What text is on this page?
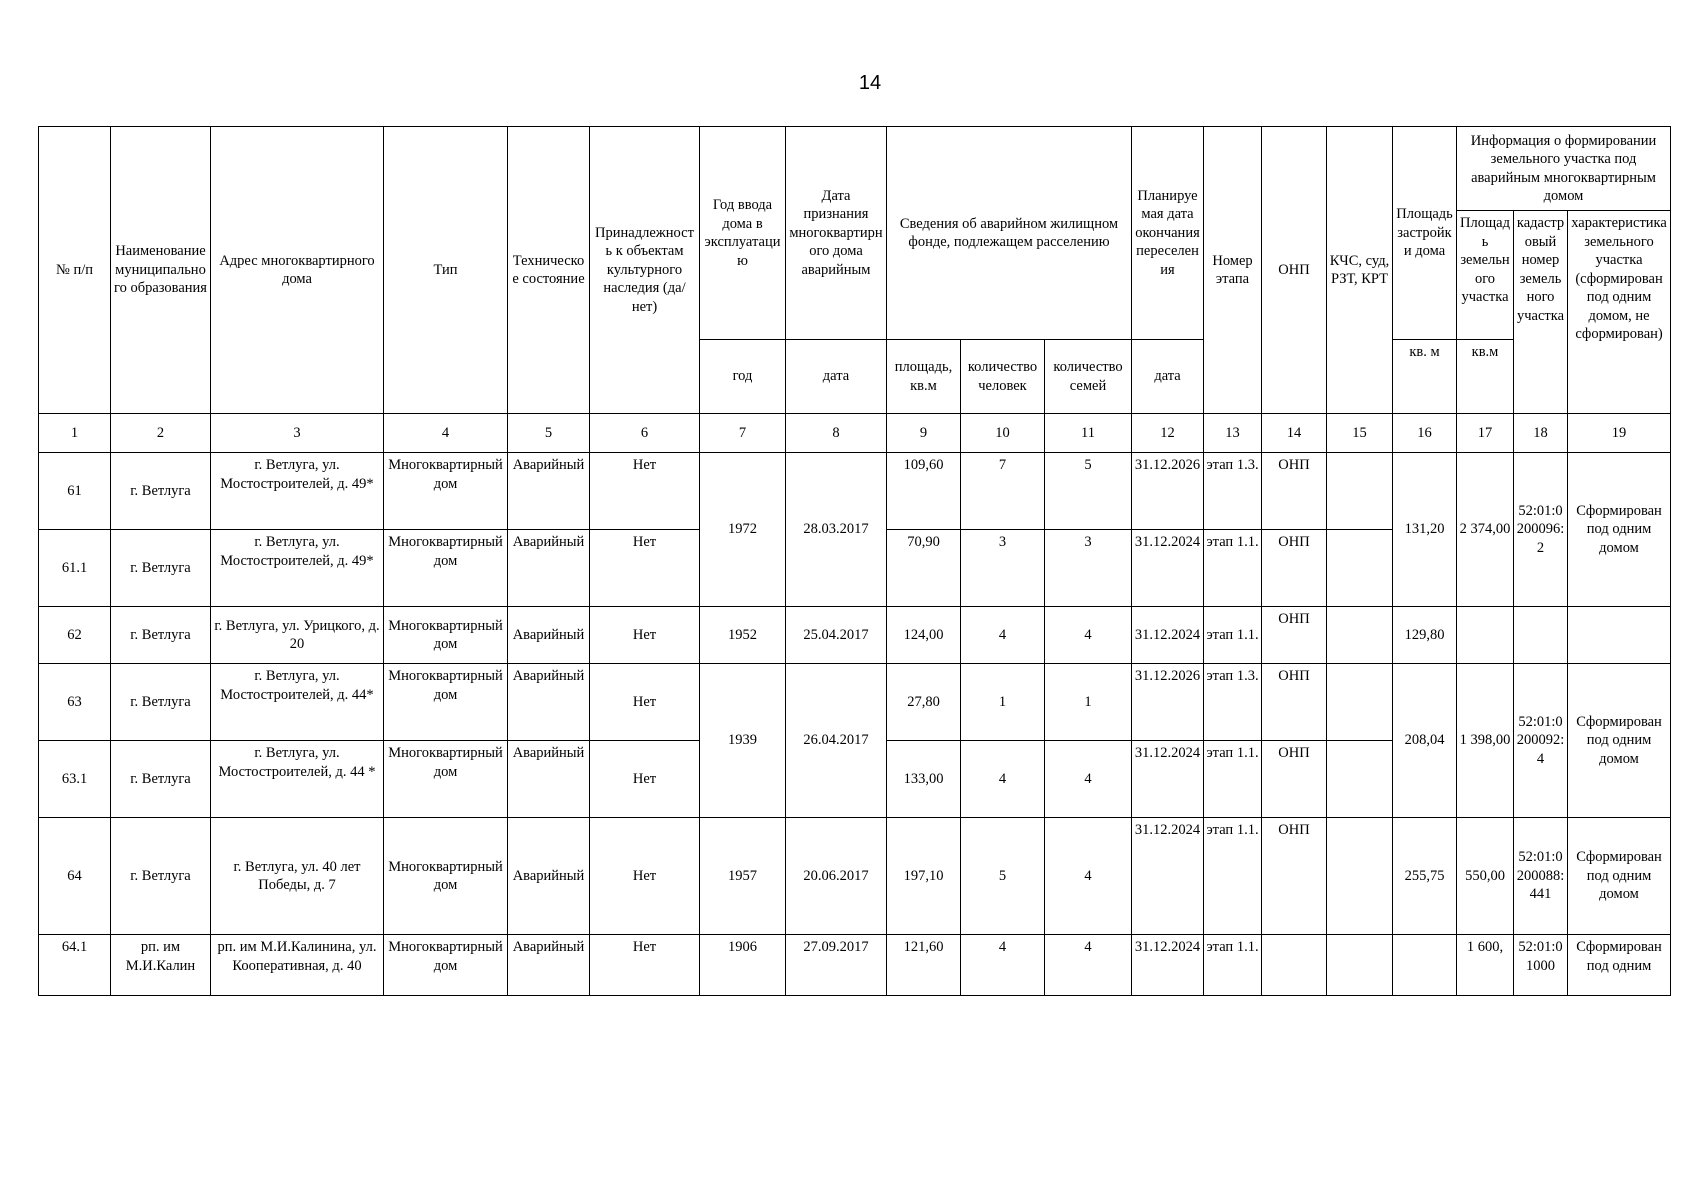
14
№ п/п	Наименование муниципального образования	Адрес многоквартирного дома	Тип	Техническое состояние	Принадлежность к объектам культурного наследия (да/нет)	Год ввода дома в эксплуатацию	Дата признания многоквартирного дома аварийным	Сведения об аварийном жилищном фонде, подлежащем расселению			Планируемая дата окончания переселения	Номер этапа	ОНП	КЧС, суд, РЗТ, КРТ	Площадь застройки дома	Информация о формировании земельного участка под аварийным многоквартирным домом		
																Площадь земельного участка	кадастровый номер земельного участка	характеристика земельного участка (сформирован под одним домом, не сформирован)
						год	дата	площадь, кв.м	количество человек	количество семей	дата				кв. м	кв.м		
1	2	3	4	5	6	7	8	9	10	11	12	13	14	15	16	17	18	19
61	г. Ветлуга	г. Ветлуга, ул. Мостостроителей, д. 49*	Многоквартирный дом	Аварийный	Нет	1972	28.03.2017	109,60	7	5	31.12.2026	этап 1.3.	ОНП		131,20	2 374,00	52:01:0200096:2	Сформирован под одним домом
61.1	г. Ветлуга	г. Ветлуга, ул. Мостостроителей, д. 49*	Многоквартирный дом	Аварийный	Нет			70,90	3	3	31.12.2024	этап 1.1.	ОНП					
62	г. Ветлуга	г. Ветлуга, ул. Урицкого, д. 20	Многоквартирный дом	Аварийный	Нет	1952	25.04.2017	124,00	4	4	31.12.2024	этап 1.1.	ОНП		129,80			
63	г. Ветлуга	г. Ветлуга, ул. Мостостроителей, д. 44*	Многоквартирный дом	Аварийный	Нет	1939	26.04.2017	27,80	1	1	31.12.2026	этап 1.3.	ОНП		208,04	1 398,00	52:01:0200092:4	Сформирован под одним домом
63.1	г. Ветлуга	г. Ветлуга, ул. Мостостроителей, д. 44 *	Многоквартирный дом	Аварийный	Нет			133,00	4	4	31.12.2024	этап 1.1.	ОНП					
64	г. Ветлуга	г. Ветлуга, ул. 40 лет Победы, д. 7	Многоквартирный дом	Аварийный	Нет	1957	20.06.2017	197,10	5	4	31.12.2024	этап 1.1.	ОНП		255,75	550,00	52:01:0200088:441	Сформирован под одним домом
64.1	рп. им М.И.Калин	рп. им М.И.Калинина, ул. Кооперативная, д. 40	Многоквартирный дом	Аварийный	Нет	1906	27.09.2017	121,60	4	4	31.12.2024	этап 1.1.				1 600,	52:01:01000	Сформирован под одним
